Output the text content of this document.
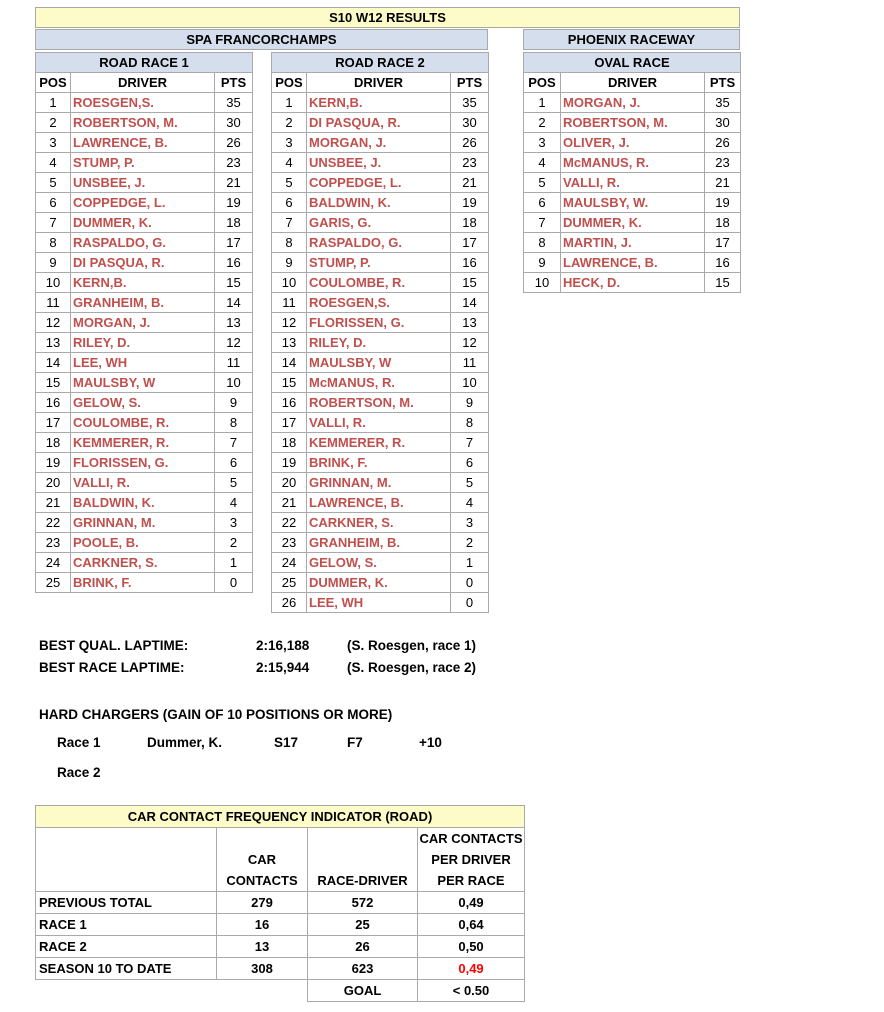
S10 W12 RESULTS
SPA FRANCORCHAMPS	PHOENIX RACEWAY
ROAD RACE 1		
POS	DRIVER	PTS
1	ROESGEN,S.	35
2	ROBERTSON, M.	30
3	LAWRENCE, B.	26
4	STUMP, P.	23
5	UNSBEE, J.	21
6	COPPEDGE, L.	19
7	DUMMER, K.	18
8	RASPALDO, G.	17
9	DI PASQUA, R.	16
10	KERN,B.	15
11	GRANHEIM, B.	14
12	MORGAN, J.	13
13	RILEY, D.	12
14	LEE, WH	11
15	MAULSBY, W	10
16	GELOW, S.	9
17	COULOMBE, R.	8
18	KEMMERER, R.	7
19	FLORISSEN, G.	6
20	VALLI, R.	5
21	BALDWIN, K.	4
22	GRINNAN, M.	3
23	POOLE, B.	2
24	CARKNER, S.	1
25	BRINK, F.	0
ROAD RACE 2		
POS	DRIVER	PTS
1	KERN,B.	35
2	DI PASQUA, R.	30
3	MORGAN, J.	26
4	UNSBEE, J.	23
5	COPPEDGE, L.	21
6	BALDWIN, K.	19
7	GARIS, G.	18
8	RASPALDO, G.	17
9	STUMP, P.	16
10	COULOMBE, R.	15
11	ROESGEN,S.	14
12	FLORISSEN, G.	13
13	RILEY, D.	12
14	MAULSBY, W	11
15	McMANUS, R.	10
16	ROBERTSON, M.	9
17	VALLI, R.	8
18	KEMMERER, R.	7
19	BRINK, F.	6
20	GRINNAN, M.	5
21	LAWRENCE, B.	4
22	CARKNER, S.	3
23	GRANHEIM, B.	2
24	GELOW, S.	1
25	DUMMER, K.	0
26	LEE, WH	0
OVAL RACE		
POS	DRIVER	PTS
1	MORGAN, J.	35
2	ROBERTSON, M.	30
3	OLIVER, J.	26
4	McMANUS, R.	23
5	VALLI, R.	21
6	MAULSBY, W.	19
7	DUMMER, K.	18
8	MARTIN, J.	17
9	LAWRENCE, B.	16
10	HECK, D.	15
BEST QUAL. LAPTIME:	2:16,188	(S. Roesgen, race 1)
BEST RACE LAPTIME:	2:15,944	(S. Roesgen, race 2)
HARD CHARGERS (GAIN OF 10 POSITIONS OR MORE)
Race 1	Dummer, K.	S17	F7	+10
Race 2
CAR CONTACT FREQUENCY INDICATOR (ROAD)			
			CAR CONTACTS
	CAR		PER DRIVER
	CONTACTS	RACE-DRIVER	PER RACE
PREVIOUS TOTAL	279	572	0,49
RACE 1	16	25	0,64
RACE 2	13	26	0,50
SEASON 10 TO DATE	308	623	0,49
		GOAL	< 0.50
